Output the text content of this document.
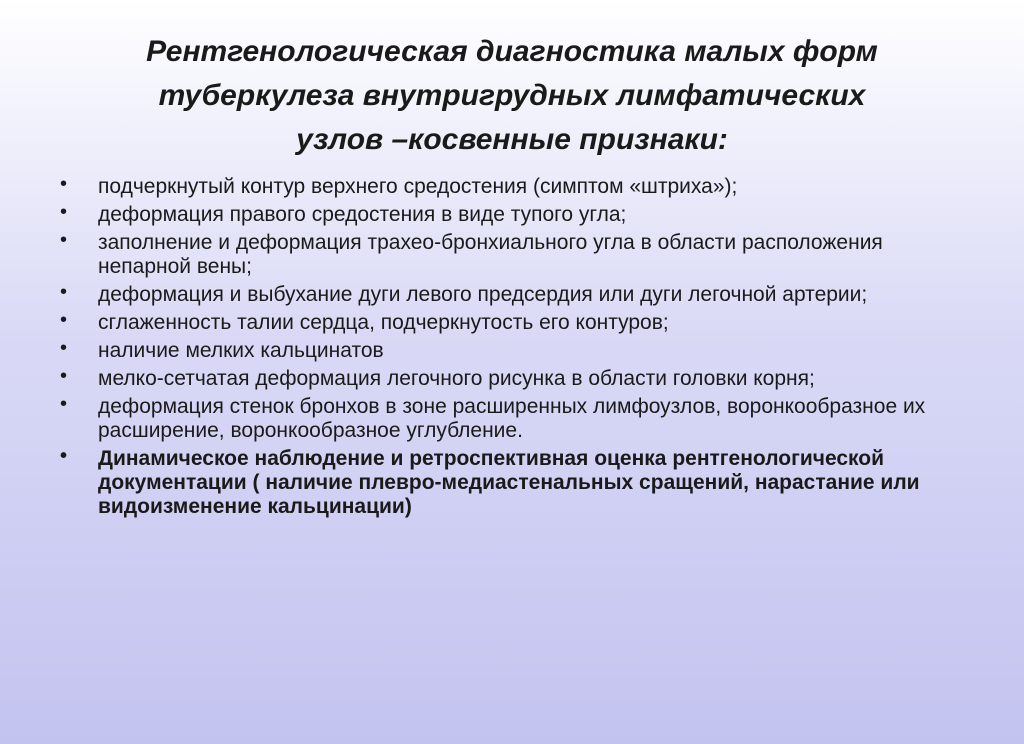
Рентгенологическая диагностика малых форм
туберкулеза внутригрудных лимфатических
узлов –косвенные признаки:
• подчеркнутый контур верхнего средостения (симптом «штриха»);
• деформация правого средостения в виде тупого угла;
• заполнение и деформация трахео-бронхиального угла в области расположения непарной вены;
• деформация и выбухание дуги левого предсердия или дуги легочной артерии;
• сглаженность талии сердца, подчеркнутость его контуров;
• наличие мелких кальцинатов
• мелко-сетчатая деформация легочного рисунка в области головки корня;
• деформация стенок бронхов в зоне расширенных лимфоузлов, воронкообразное их расширение, воронкообразное углубление.
• Динамическое наблюдение и ретроспективная оценка рентгенологической документации ( наличие плевро-медиастенальных сращений, нарастание или видоизменение кальцинации)
